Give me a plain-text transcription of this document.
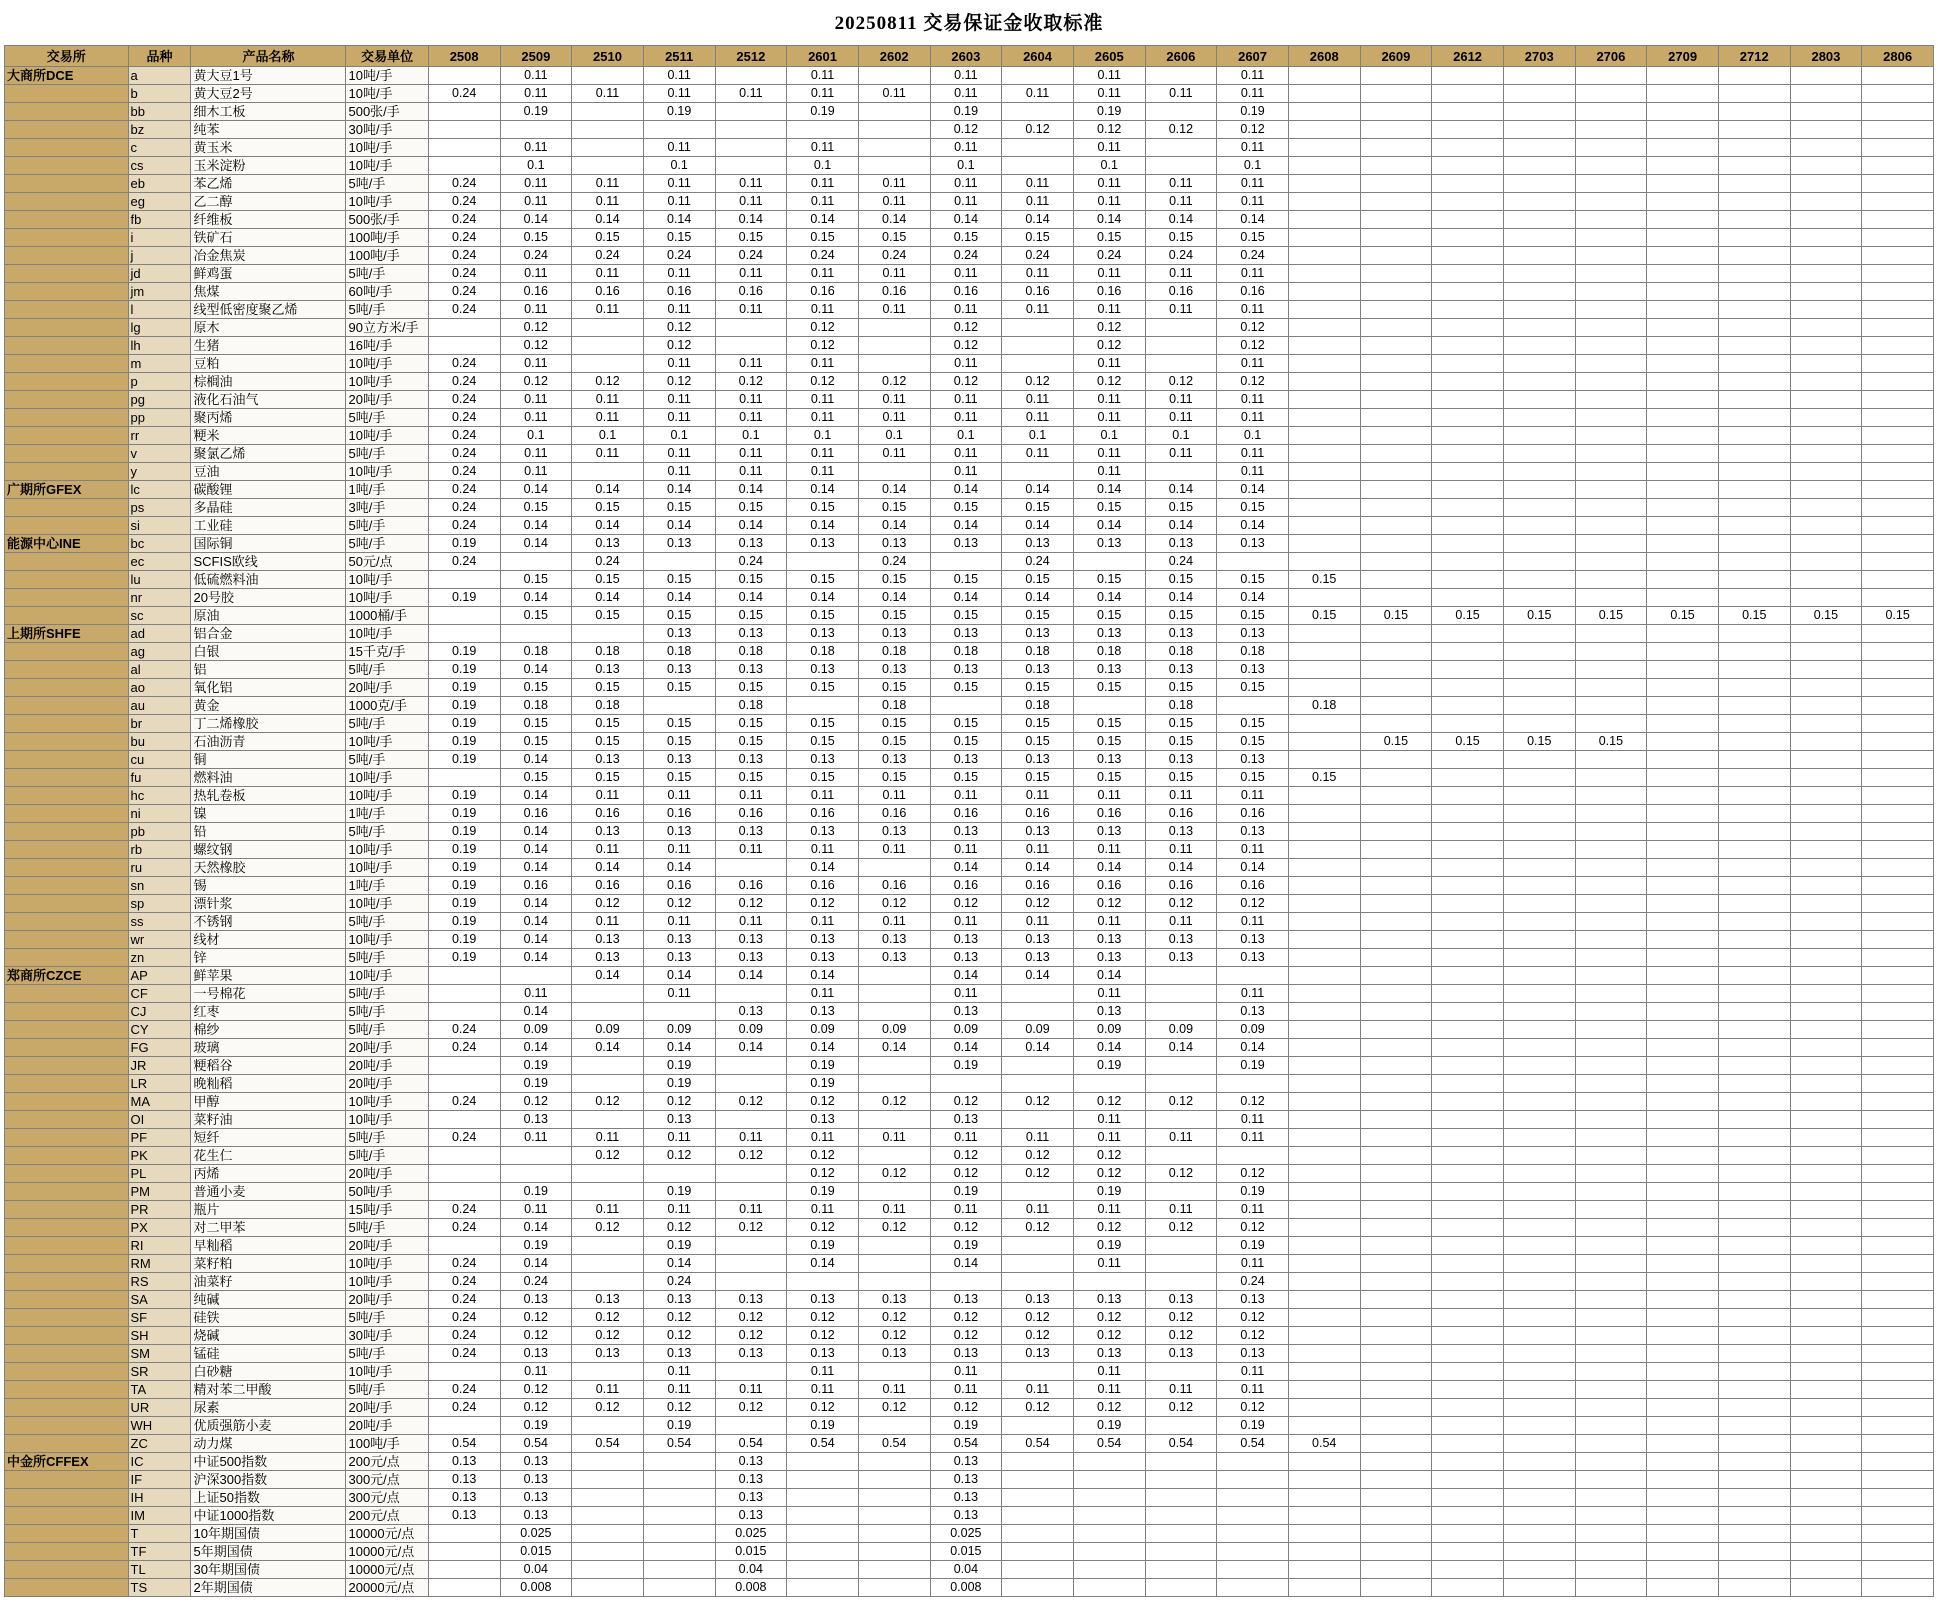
20250811 交易保证金收取标准
交易所	品种	产品名称	交易单位	2508	2509	2510	2511	2512	2601	2602	2603	2604	2605	2606	2607	2608	2609	2612	2703	2706	2709	2712	2803	2806
大商所DCE	a	黄大豆1号	10吨/手		0.11		0.11		0.11		0.11		0.11		0.11									
	b	黄大豆2号	10吨/手	0.24	0.11	0.11	0.11	0.11	0.11	0.11	0.11	0.11	0.11	0.11	0.11									
	bb	细木工板	500张/手		0.19		0.19		0.19		0.19		0.19		0.19									
	bz	纯苯	30吨/手								0.12	0.12	0.12	0.12	0.12									
	c	黄玉米	10吨/手		0.11		0.11		0.11		0.11		0.11		0.11									
	cs	玉米淀粉	10吨/手		0.1		0.1		0.1		0.1		0.1		0.1									
	eb	苯乙烯	5吨/手	0.24	0.11	0.11	0.11	0.11	0.11	0.11	0.11	0.11	0.11	0.11	0.11									
	eg	乙二醇	10吨/手	0.24	0.11	0.11	0.11	0.11	0.11	0.11	0.11	0.11	0.11	0.11	0.11									
	fb	纤维板	500张/手	0.24	0.14	0.14	0.14	0.14	0.14	0.14	0.14	0.14	0.14	0.14	0.14									
	i	铁矿石	100吨/手	0.24	0.15	0.15	0.15	0.15	0.15	0.15	0.15	0.15	0.15	0.15	0.15									
	j	冶金焦炭	100吨/手	0.24	0.24	0.24	0.24	0.24	0.24	0.24	0.24	0.24	0.24	0.24	0.24									
	jd	鲜鸡蛋	5吨/手	0.24	0.11	0.11	0.11	0.11	0.11	0.11	0.11	0.11	0.11	0.11	0.11									
	jm	焦煤	60吨/手	0.24	0.16	0.16	0.16	0.16	0.16	0.16	0.16	0.16	0.16	0.16	0.16									
	l	线型低密度聚乙烯	5吨/手	0.24	0.11	0.11	0.11	0.11	0.11	0.11	0.11	0.11	0.11	0.11	0.11									
	lg	原木	90立方米/手		0.12		0.12		0.12		0.12		0.12		0.12									
	lh	生猪	16吨/手		0.12		0.12		0.12		0.12		0.12		0.12									
	m	豆粕	10吨/手	0.24	0.11		0.11	0.11	0.11		0.11		0.11		0.11									
	p	棕榈油	10吨/手	0.24	0.12	0.12	0.12	0.12	0.12	0.12	0.12	0.12	0.12	0.12	0.12									
	pg	液化石油气	20吨/手	0.24	0.11	0.11	0.11	0.11	0.11	0.11	0.11	0.11	0.11	0.11	0.11									
	pp	聚丙烯	5吨/手	0.24	0.11	0.11	0.11	0.11	0.11	0.11	0.11	0.11	0.11	0.11	0.11									
	rr	粳米	10吨/手	0.24	0.1	0.1	0.1	0.1	0.1	0.1	0.1	0.1	0.1	0.1	0.1									
	v	聚氯乙烯	5吨/手	0.24	0.11	0.11	0.11	0.11	0.11	0.11	0.11	0.11	0.11	0.11	0.11									
	y	豆油	10吨/手	0.24	0.11		0.11	0.11	0.11		0.11		0.11		0.11									
广期所GFEX	lc	碳酸锂	1吨/手	0.24	0.14	0.14	0.14	0.14	0.14	0.14	0.14	0.14	0.14	0.14	0.14									
	ps	多晶硅	3吨/手	0.24	0.15	0.15	0.15	0.15	0.15	0.15	0.15	0.15	0.15	0.15	0.15									
	si	工业硅	5吨/手	0.24	0.14	0.14	0.14	0.14	0.14	0.14	0.14	0.14	0.14	0.14	0.14									
能源中心INE	bc	国际铜	5吨/手	0.19	0.14	0.13	0.13	0.13	0.13	0.13	0.13	0.13	0.13	0.13	0.13									
	ec	SCFIS欧线	50元/点	0.24		0.24		0.24		0.24		0.24		0.24										
	lu	低硫燃料油	10吨/手		0.15	0.15	0.15	0.15	0.15	0.15	0.15	0.15	0.15	0.15	0.15	0.15								
	nr	20号胶	10吨/手	0.19	0.14	0.14	0.14	0.14	0.14	0.14	0.14	0.14	0.14	0.14	0.14									
	sc	原油	1000桶/手		0.15	0.15	0.15	0.15	0.15	0.15	0.15	0.15	0.15	0.15	0.15	0.15	0.15	0.15	0.15	0.15	0.15	0.15	0.15	0.15
上期所SHFE	ad	铝合金	10吨/手				0.13	0.13	0.13	0.13	0.13	0.13	0.13	0.13	0.13									
	ag	白银	15千克/手	0.19	0.18	0.18	0.18	0.18	0.18	0.18	0.18	0.18	0.18	0.18	0.18									
	al	铝	5吨/手	0.19	0.14	0.13	0.13	0.13	0.13	0.13	0.13	0.13	0.13	0.13	0.13									
	ao	氧化铝	20吨/手	0.19	0.15	0.15	0.15	0.15	0.15	0.15	0.15	0.15	0.15	0.15	0.15									
	au	黄金	1000克/手	0.19	0.18	0.18		0.18		0.18		0.18		0.18		0.18								
	br	丁二烯橡胶	5吨/手	0.19	0.15	0.15	0.15	0.15	0.15	0.15	0.15	0.15	0.15	0.15	0.15									
	bu	石油沥青	10吨/手	0.19	0.15	0.15	0.15	0.15	0.15	0.15	0.15	0.15	0.15	0.15	0.15		0.15	0.15	0.15	0.15				
	cu	铜	5吨/手	0.19	0.14	0.13	0.13	0.13	0.13	0.13	0.13	0.13	0.13	0.13	0.13									
	fu	燃料油	10吨/手		0.15	0.15	0.15	0.15	0.15	0.15	0.15	0.15	0.15	0.15	0.15	0.15								
	hc	热轧卷板	10吨/手	0.19	0.14	0.11	0.11	0.11	0.11	0.11	0.11	0.11	0.11	0.11	0.11									
	ni	镍	1吨/手	0.19	0.16	0.16	0.16	0.16	0.16	0.16	0.16	0.16	0.16	0.16	0.16									
	pb	铅	5吨/手	0.19	0.14	0.13	0.13	0.13	0.13	0.13	0.13	0.13	0.13	0.13	0.13									
	rb	螺纹钢	10吨/手	0.19	0.14	0.11	0.11	0.11	0.11	0.11	0.11	0.11	0.11	0.11	0.11									
	ru	天然橡胶	10吨/手	0.19	0.14	0.14	0.14		0.14		0.14	0.14	0.14	0.14	0.14									
	sn	锡	1吨/手	0.19	0.16	0.16	0.16	0.16	0.16	0.16	0.16	0.16	0.16	0.16	0.16									
	sp	漂针浆	10吨/手	0.19	0.14	0.12	0.12	0.12	0.12	0.12	0.12	0.12	0.12	0.12	0.12									
	ss	不锈钢	5吨/手	0.19	0.14	0.11	0.11	0.11	0.11	0.11	0.11	0.11	0.11	0.11	0.11									
	wr	线材	10吨/手	0.19	0.14	0.13	0.13	0.13	0.13	0.13	0.13	0.13	0.13	0.13	0.13									
	zn	锌	5吨/手	0.19	0.14	0.13	0.13	0.13	0.13	0.13	0.13	0.13	0.13	0.13	0.13									
郑商所CZCE	AP	鲜苹果	10吨/手			0.14	0.14	0.14	0.14		0.14	0.14	0.14											
	CF	一号棉花	5吨/手		0.11		0.11		0.11		0.11		0.11		0.11									
	CJ	红枣	5吨/手		0.14			0.13	0.13		0.13		0.13		0.13									
	CY	棉纱	5吨/手	0.24	0.09	0.09	0.09	0.09	0.09	0.09	0.09	0.09	0.09	0.09	0.09									
	FG	玻璃	20吨/手	0.24	0.14	0.14	0.14	0.14	0.14	0.14	0.14	0.14	0.14	0.14	0.14									
	JR	粳稻谷	20吨/手		0.19		0.19		0.19		0.19		0.19		0.19									
	LR	晚籼稻	20吨/手		0.19		0.19		0.19															
	MA	甲醇	10吨/手	0.24	0.12	0.12	0.12	0.12	0.12	0.12	0.12	0.12	0.12	0.12	0.12									
	OI	菜籽油	10吨/手		0.13		0.13		0.13		0.13		0.11		0.11									
	PF	短纤	5吨/手	0.24	0.11	0.11	0.11	0.11	0.11	0.11	0.11	0.11	0.11	0.11	0.11									
	PK	花生仁	5吨/手			0.12	0.12	0.12	0.12		0.12	0.12	0.12											
	PL	丙烯	20吨/手						0.12	0.12	0.12	0.12	0.12	0.12	0.12									
	PM	普通小麦	50吨/手		0.19		0.19		0.19		0.19		0.19		0.19									
	PR	瓶片	15吨/手	0.24	0.11	0.11	0.11	0.11	0.11	0.11	0.11	0.11	0.11	0.11	0.11									
	PX	对二甲苯	5吨/手	0.24	0.14	0.12	0.12	0.12	0.12	0.12	0.12	0.12	0.12	0.12	0.12									
	RI	早籼稻	20吨/手		0.19		0.19		0.19		0.19		0.19		0.19									
	RM	菜籽粕	10吨/手	0.24	0.14		0.14		0.14		0.14		0.11		0.11									
	RS	油菜籽	10吨/手	0.24	0.24		0.24								0.24									
	SA	纯碱	20吨/手	0.24	0.13	0.13	0.13	0.13	0.13	0.13	0.13	0.13	0.13	0.13	0.13									
	SF	硅铁	5吨/手	0.24	0.12	0.12	0.12	0.12	0.12	0.12	0.12	0.12	0.12	0.12	0.12									
	SH	烧碱	30吨/手	0.24	0.12	0.12	0.12	0.12	0.12	0.12	0.12	0.12	0.12	0.12	0.12									
	SM	锰硅	5吨/手	0.24	0.13	0.13	0.13	0.13	0.13	0.13	0.13	0.13	0.13	0.13	0.13									
	SR	白砂糖	10吨/手		0.11		0.11		0.11		0.11		0.11		0.11									
	TA	精对苯二甲酸	5吨/手	0.24	0.12	0.11	0.11	0.11	0.11	0.11	0.11	0.11	0.11	0.11	0.11									
	UR	尿素	20吨/手	0.24	0.12	0.12	0.12	0.12	0.12	0.12	0.12	0.12	0.12	0.12	0.12									
	WH	优质强筋小麦	20吨/手		0.19		0.19		0.19		0.19		0.19		0.19									
	ZC	动力煤	100吨/手	0.54	0.54	0.54	0.54	0.54	0.54	0.54	0.54	0.54	0.54	0.54	0.54	0.54								
中金所CFFEX	IC	中证500指数	200元/点	0.13	0.13			0.13			0.13													
	IF	沪深300指数	300元/点	0.13	0.13			0.13			0.13													
	IH	上证50指数	300元/点	0.13	0.13			0.13			0.13													
	IM	中证1000指数	200元/点	0.13	0.13			0.13			0.13													
	T	10年期国债	10000元/点		0.025			0.025			0.025													
	TF	5年期国债	10000元/点		0.015			0.015			0.015													
	TL	30年期国债	10000元/点		0.04			0.04			0.04													
	TS	2年期国债	20000元/点		0.008			0.008			0.008													
